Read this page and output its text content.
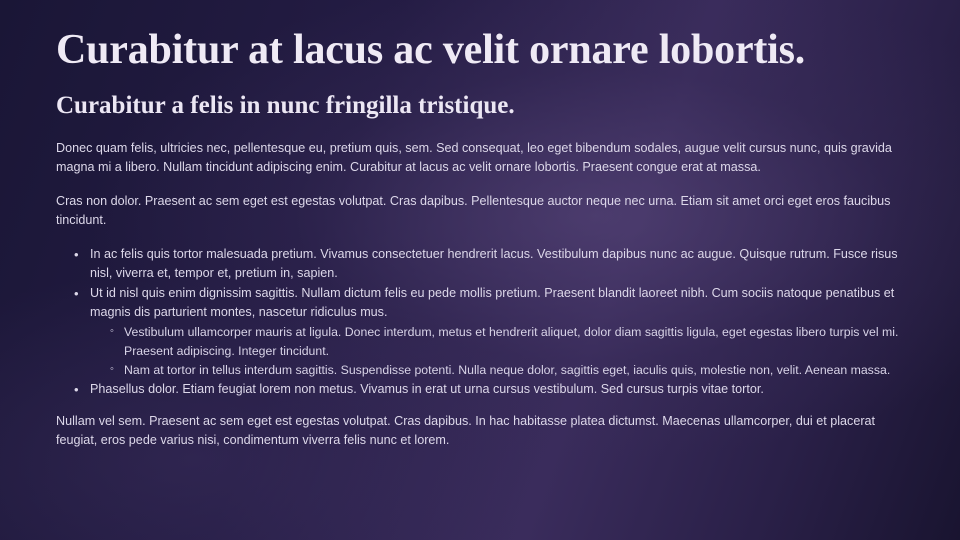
Curabitur at lacus ac velit ornare lobortis.
Curabitur a felis in nunc fringilla tristique.

Donec quam felis, ultricies nec, pellentesque eu, pretium quis, sem. Sed consequat, leo eget bibendum sodales, augue velit cursus nunc, quis gravida magna mi a libero. Nullam tincidunt adipiscing enim. Curabitur at lacus ac velit ornare lobortis. Praesent congue erat at massa.

Cras non dolor. Praesent ac sem eget est egestas volutpat. Cras dapibus. Pellentesque auctor neque nec urna. Etiam sit amet orci eget eros faucibus tincidunt.

• In ac felis quis tortor malesuada pretium. Vivamus consectetuer hendrerit lacus. Vestibulum dapibus nunc ac augue. Quisque rutrum. Fusce risus nisl, viverra et, tempor et, pretium in, sapien.
• Ut id nisl quis enim dignissim sagittis. Nullam dictum felis eu pede mollis pretium. Praesent blandit laoreet nibh. Cum sociis natoque penatibus et magnis dis parturient montes, nascetur ridiculus mus.
◦ Vestibulum ullamcorper mauris at ligula. Donec interdum, metus et hendrerit aliquet, dolor diam sagittis ligula, eget egestas libero turpis vel mi. Praesent adipiscing. Integer tincidunt.
◦ Nam at tortor in tellus interdum sagittis. Suspendisse potenti. Nulla neque dolor, sagittis eget, iaculis quis, molestie non, velit. Aenean massa.
• Phasellus dolor. Etiam feugiat lorem non metus. Vivamus in erat ut urna cursus vestibulum. Sed cursus turpis vitae tortor.

Nullam vel sem. Praesent ac sem eget est egestas volutpat. Cras dapibus. In hac habitasse platea dictumst. Maecenas ullamcorper, dui et placerat feugiat, eros pede varius nisi, condimentum viverra felis nunc et lorem.
